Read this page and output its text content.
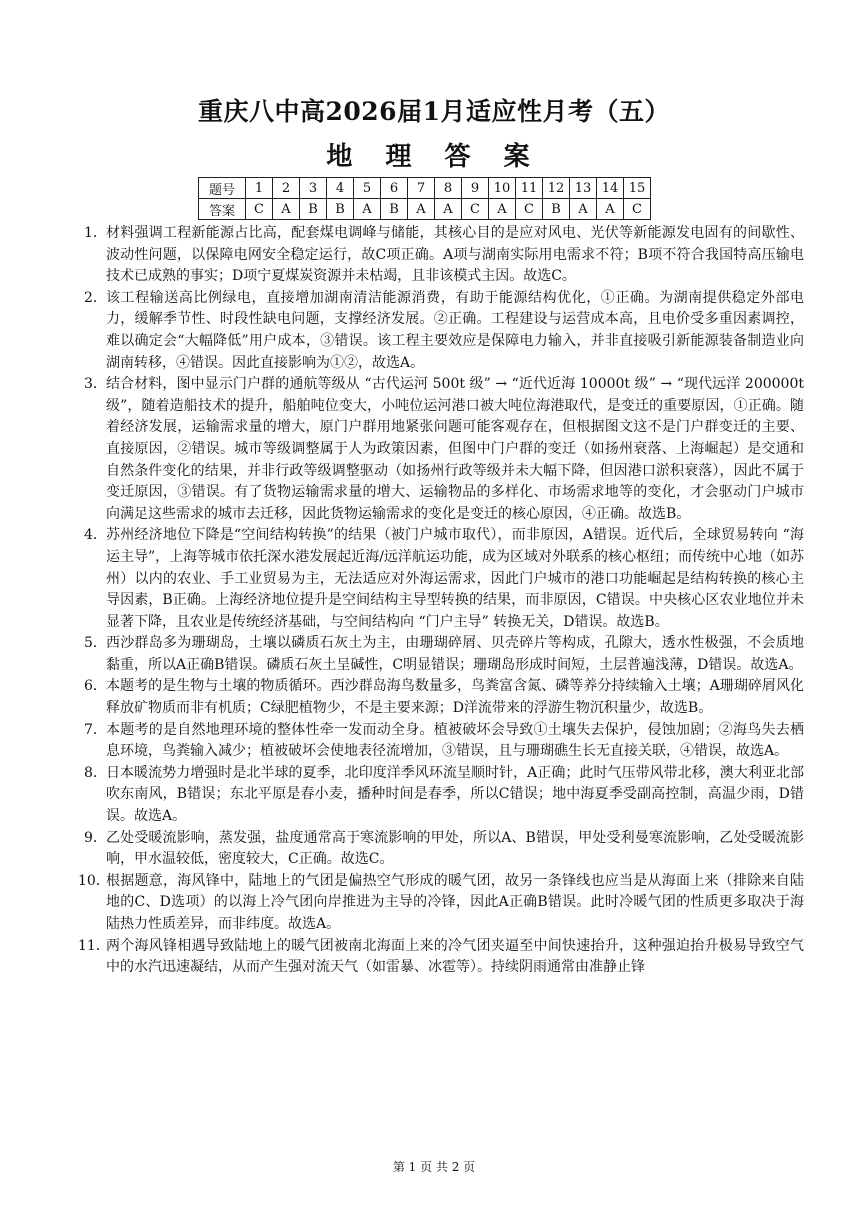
重庆八中高2026届1月适应性月考（五）
地 理 答 案
题号	1	2	3	4	5	6	7	8	9	10	11	12	13	14	15
答案	C	A	B	B	A	B	A	A	C	A	C	B	A	A	C
1． 材料强调工程新能源占比高，配套煤电调峰与储能，其核心目的是应对风电、光伏等新能源发电固有的间歇性、波动性问题，以保障电网安全稳定运行，故C项正确。A项与湖南实际用电需求不符；B项不符合我国特高压输电技术已成熟的事实；D项宁夏煤炭资源并未枯竭，且非该模式主因。故选C。
2． 该工程输送高比例绿电，直接增加湖南清洁能源消费，有助于能源结构优化，①正确。为湖南提供稳定外部电力，缓解季节性、时段性缺电问题，支撑经济发展。②正确。工程建设与运营成本高，且电价受多重因素调控，难以确定会“大幅降低”用户成本，③错误。该工程主要效应是保障电力输入，并非直接吸引新能源装备制造业向湖南转移，④错误。因此直接影响为①②，故选A。
3． 结合材料，图中显示门户群的通航等级从 “古代运河 500t 级” → “近代近海 10000t 级” → “现代远洋 200000t 级”，随着造船技术的提升，船舶吨位变大，小吨位运河港口被大吨位海港取代，是变迁的重要原因，①正确。随着经济发展，运输需求量的增大，原门户群用地紧张问题可能客观存在，但根据图文这不是门户群变迁的主要、直接原因，②错误。城市等级调整属于人为政策因素，但图中门户群的变迁（如扬州衰落、上海崛起）是交通和自然条件变化的结果，并非行政等级调整驱动（如扬州行政等级并未大幅下降，但因港口淤积衰落），因此不属于变迁原因，③错误。有了货物运输需求量的增大、运输物品的多样化、市场需求地等的变化，才会驱动门户城市向满足这些需求的城市去迁移，因此货物运输需求的变化是变迁的核心原因，④正确。故选B。
4． 苏州经济地位下降是“空间结构转换”的结果（被门户城市取代），而非原因，A错误。近代后，全球贸易转向 “海运主导”，上海等城市依托深水港发展起近海/远洋航运功能，成为区域对外联系的核心枢纽；而传统中心地（如苏州）以内的农业、手工业贸易为主，无法适应对外海运需求，因此门户城市的港口功能崛起是结构转换的核心主导因素，B正确。上海经济地位提升是空间结构主导型转换的结果，而非原因，C错误。中央核心区农业地位并未显著下降，且农业是传统经济基础，与空间结构向 “门户主导” 转换无关，D错误。故选B。
5． 西沙群岛多为珊瑚岛，土壤以磷质石灰土为主，由珊瑚碎屑、贝壳碎片等构成，孔隙大，透水性极强，不会质地黏重，所以A正确B错误。磷质石灰土呈碱性，C明显错误；珊瑚岛形成时间短，土层普遍浅薄，D错误。故选A。
6． 本题考的是生物与土壤的物质循环。西沙群岛海鸟数量多，鸟粪富含氮、磷等养分持续输入土壤；A珊瑚碎屑风化释放矿物质而非有机质；C绿肥植物少，不是主要来源；D洋流带来的浮游生物沉积量少，故选B。
7． 本题考的是自然地理环境的整体性牵一发而动全身。植被破坏会导致①土壤失去保护，侵蚀加剧；②海鸟失去栖息环境，鸟粪输入减少；植被破坏会使地表径流增加，③错误，且与珊瑚礁生长无直接关联，④错误，故选A。
8． 日本暖流势力增强时是北半球的夏季，北印度洋季风环流呈顺时针，A正确；此时气压带风带北移，澳大利亚北部吹东南风，B错误；东北平原是春小麦，播种时间是春季，所以C错误；地中海夏季受副高控制，高温少雨，D错误。故选A。
9． 乙处受暖流影响，蒸发强，盐度通常高于寒流影响的甲处，所以A、B错误，甲处受利曼寒流影响，乙处受暖流影响，甲水温较低，密度较大，C正确。故选C。
10．
根据题意，海风锋中，陆地上的气团是偏热空气形成的暖气团，故另一条锋线也应当是从海面上来（排除来自陆地的C、D选项）的以海上冷气团向岸推进为主导的冷锋，因此A正确B错误。此时冷暖气团的性质更多取决于海陆热力性质差异，而非纬度。故选A。
11．
两个海风锋相遇导致陆地上的暖气团被南北海面上来的冷气团夹逼至中间快速抬升，这种强迫抬升极易导致空气中的水汽迅速凝结，从而产生强对流天气（如雷暴、冰雹等）。持续阴雨通常由准静止锋
第 1 页 共 2 页
